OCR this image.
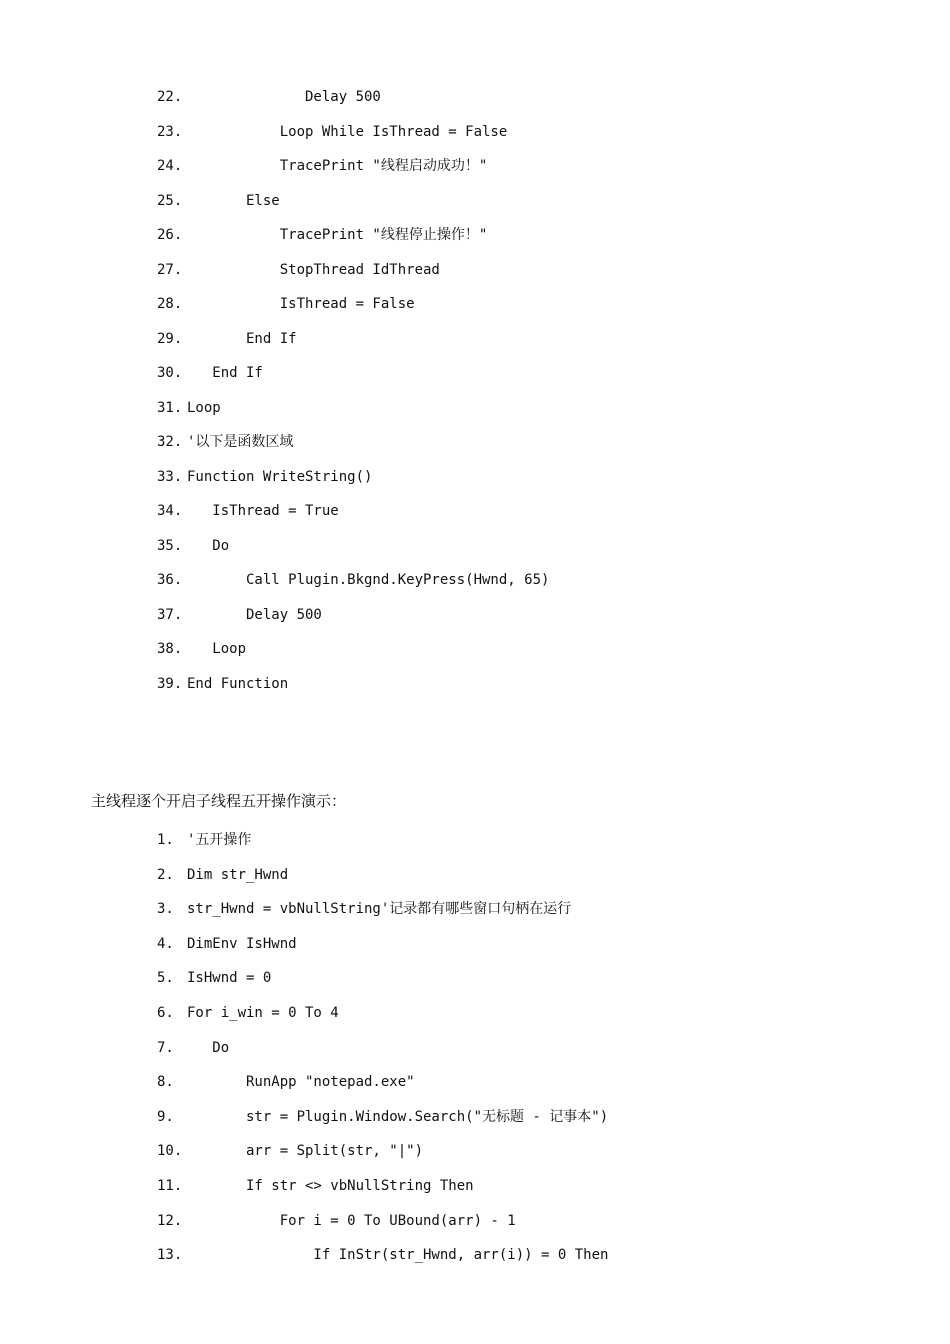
22. Delay 500
23. Loop While IsThread = False
24. TracePrint "线程启动成功！"
25. Else
26. TracePrint "线程停止操作！"
27. StopThread IdThread
28. IsThread = False
29. End If
30. End If
31. Loop
32. '以下是函数区域
33. Function WriteString()
34. IsThread = True
35. Do
36. Call Plugin.Bkgnd.KeyPress(Hwnd, 65)
37. Delay 500
38. Loop
39. End Function
主线程逐个开启子线程五开操作演示：
1. '五开操作
2. Dim str_Hwnd
3. str_Hwnd = vbNullString'记录都有哪些窗口句柄在运行
4. DimEnv IsHwnd
5. IsHwnd = 0
6. For i_win = 0 To 4
7. Do
8. RunApp "notepad.exe"
9. str = Plugin.Window.Search("无标题 - 记事本")
10. arr = Split(str, "|")
11. If str <> vbNullString Then
12. For i = 0 To UBound(arr) - 1
13. If InStr(str_Hwnd, arr(i)) = 0 Then
